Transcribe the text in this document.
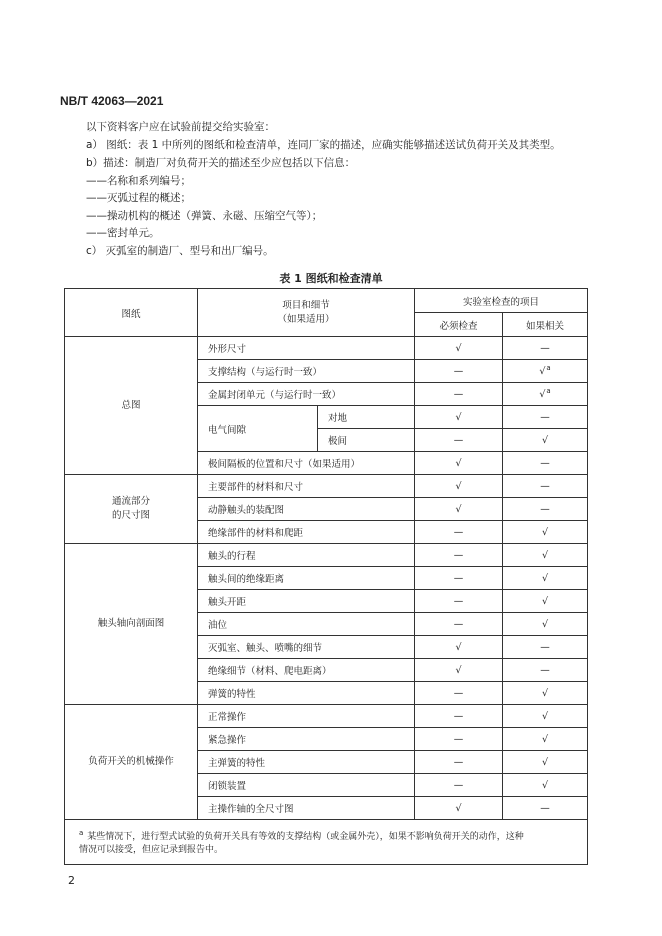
NB/T 42063—2021
以下资料客户应在试验前提交给实验室：
a） 图纸：表 1 中所列的图纸和检查清单，连同厂家的描述，应确实能够描述送试负荷开关及其类型。
b）描述：制造厂对负荷开关的描述至少应包括以下信息：
——名称和系列编号；
——灭弧过程的概述；
——操动机构的概述（弹簧、永磁、压缩空气等）；
——密封单元。
c） 灭弧室的制造厂、型号和出厂编号。
表 1 图纸和检查清单
图纸	项目和细节
（如果适用）		实验室检查的项目	
			必须检查	如果相关
总图	外形尺寸		√	—
	支撑结构（与运行时一致）		—	√$^a$
	金属封闭单元（与运行时一致）		—	√$^a$
	电气间隙	对地	√	—
		极间	—	√
	极间隔板的位置和尺寸（如果适用）		√	—

通流部分
的尺寸图	主要部件的材料和尺寸		√	—
	动静触头的装配图		√	—
	绝缘部件的材料和爬距		—	√
触头轴向剖面图	触头的行程		—	√
	触头间的绝缘距离		—	√
	触头开距		—	√
	油位		—	√
	灭弧室、触头、喷嘴的细节		√	—
	绝缘细节（材料、爬电距离）		√	—
	弹簧的特性		—	√
负荷开关的机械操作	正常操作		—	√
	紧急操作		—	√
	主弹簧的特性		—	√
	闭锁装置		—	√
	主操作轴的全尺寸图		√	—

$^a$ 某些情况下，进行型式试验的负荷开关具有等效的支撑结构（或金属外壳），如果不影响负荷开关的动作，这种
情况可以接受，但应记录到报告中。				
2
